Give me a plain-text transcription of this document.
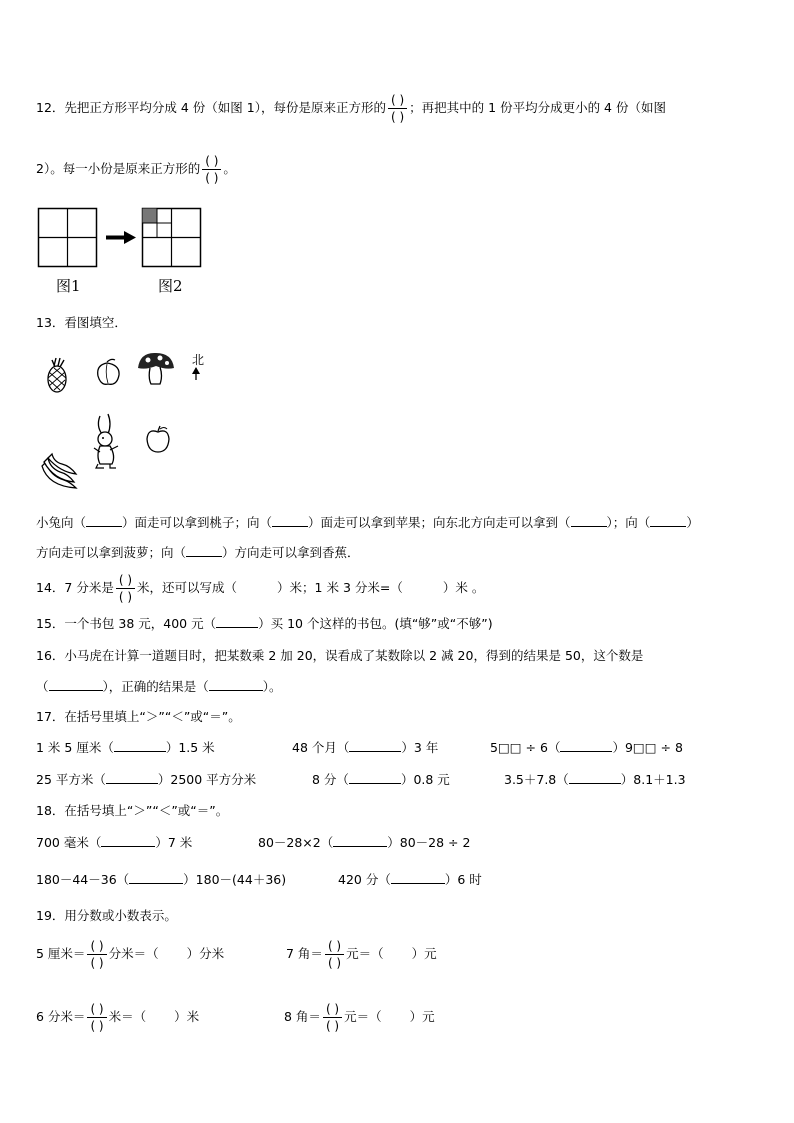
12．先把正方形平均分成 4 份（如图 1），每份是原来正方形的 $\frac{( )}{( )}$ ；再把其中的 1 份平均分成更小的 4 份（如图
2）。每一小份是原来正方形的 $\frac{( )}{( )}$ 。
图1	图2
13．看图填空．
北
小兔向（	）面走可以拿到桃子；向（	）面走可以拿到苹果；向东北方向走可以拿到（	）；向（	）
方向走可以拿到菠萝；向（	）方向走可以拿到香蕉．
14．7 分米是 $\frac{( )}{( )}$ 米，还可以写成（	）米；1 米 3 分米=（	）米 。
15．一个书包 38 元，400 元（	）买 10 个这样的书包。(填“够”或“不够”)
16．小马虎在计算一道题目时，把某数乘 2 加 20，误看成了某数除以 2 减 20，得到的结果是 50，这个数是
（	），正确的结果是（	）。
17．在括号里填上“＞”“＜”或“＝”。
1 米 5 厘米（	）1.5 米	48 个月（	）3 年	5□□ ÷ 6（	）9□□ ÷ 8
25 平方米（	）2500 平方分米	8 分（	）0.8 元	3.5＋7.8（	）8.1＋1.3
18．在括号填上“＞”“＜”或“＝”。
700 毫米（	）7 米	80－28×2（	）80－28 ÷ 2
180－44－36（	）180－(44＋36)	420 分（	）6 时
19．用分数或小数表示。
5 厘米＝ $\frac{( )}{( )}$ 分米＝（ ）分米	7 角＝ $\frac{( )}{( )}$ 元＝（ ）元
6 分米＝ $\frac{( )}{( )}$ 米＝（ ）米	8 角＝ $\frac{( )}{( )}$ 元＝（ ）元
